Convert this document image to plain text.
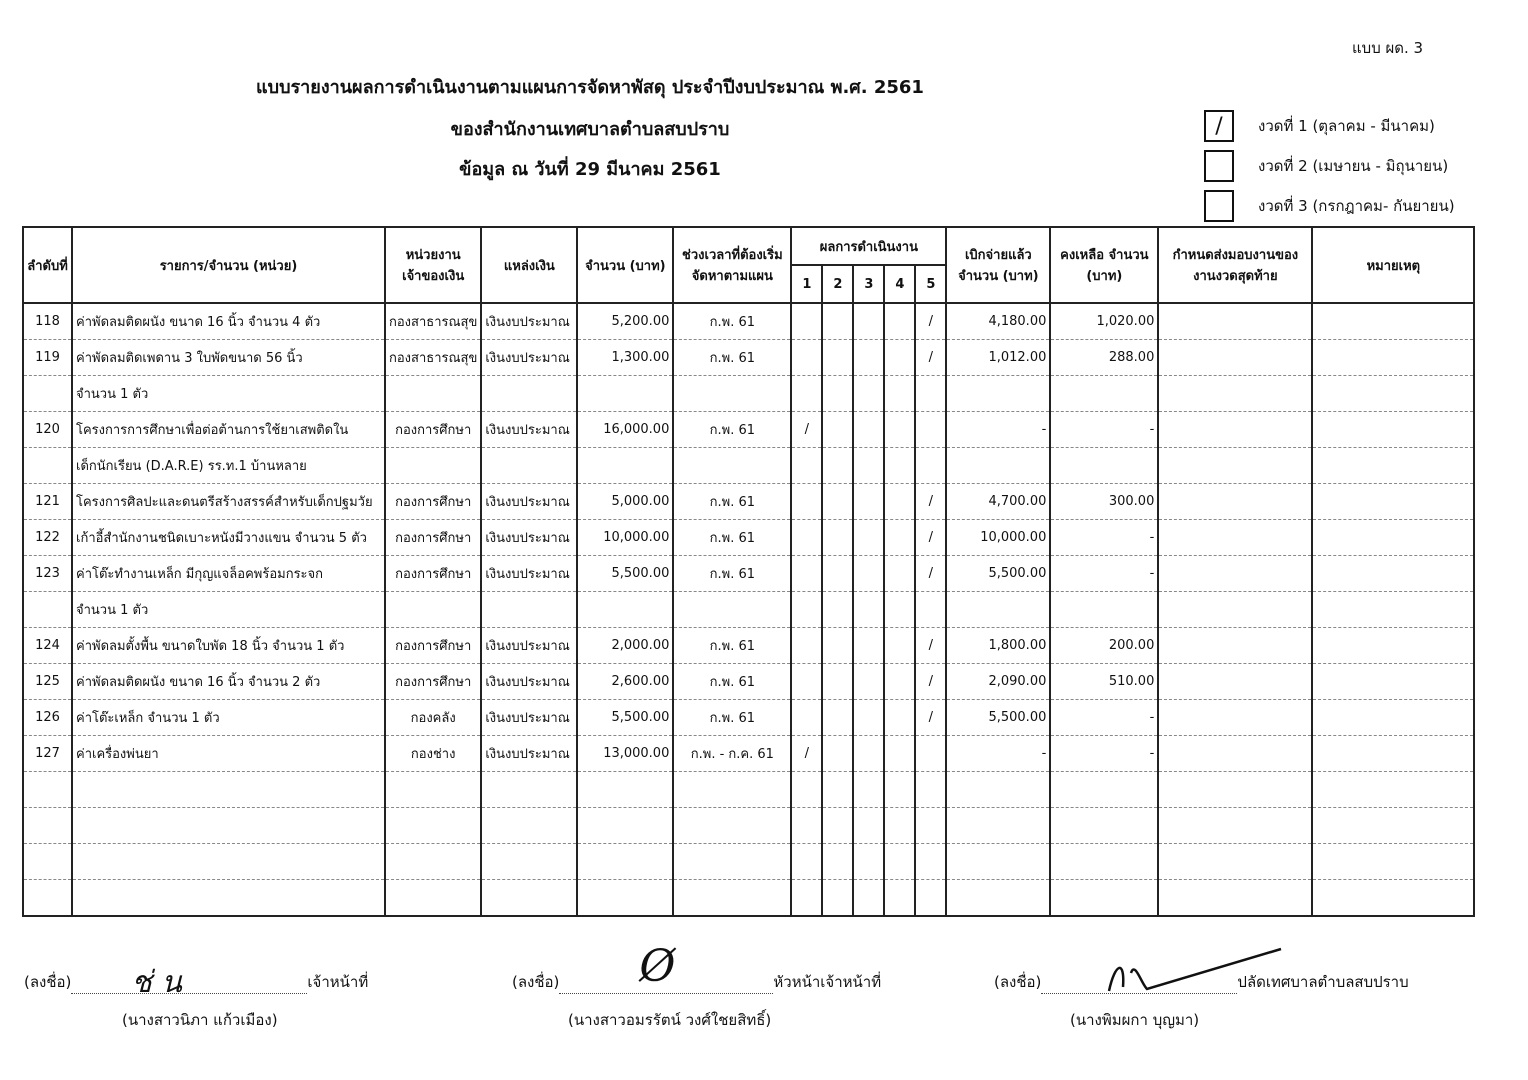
แบบ ผด. 3
แบบรายงานผลการดำเนินงานตามแผนการจัดหาพัสดุ ประจำปีงบประมาณ พ.ศ. 2561
ของสำนักงานเทศบาลตำบลสบปราบ
ข้อมูล ณ วันที่ 29 มีนาคม 2561
/	งวดที่ 1 (ตุลาคม - มีนาคม)
งวดที่ 2 (เมษายน - มิถุนายน)
งวดที่ 3 (กรกฎาคม- กันยายน)
ลำดับที่	รายการ/จำนวน (หน่วย)	หน่วยงานเจ้าของเงิน	แหล่งเงิน	จำนวน (บาท)	ช่วงเวลาที่ต้องเริ่มจัดหาตามแผน	ผลการดำเนินงาน					เบิกจ่ายแล้ว จำนวน (บาท)	คงเหลือ จำนวน (บาท)	กำหนดส่งมอบงานของงานงวดสุดท้าย	หมายเหตุ
						1	2	3	4	5				
118	ค่าพัดลมติดผนัง ขนาด 16 นิ้ว จำนวน 4 ตัว	กองสาธารณสุข	เงินงบประมาณ	5,200.00	ก.พ. 61					/	4,180.00	1,020.00		
119	ค่าพัดลมติดเพดาน 3 ใบพัดขนาด 56 นิ้ว	กองสาธารณสุข	เงินงบประมาณ	1,300.00	ก.พ. 61					/	1,012.00	288.00		
	จำนวน 1 ตัว													
120	โครงการการศึกษาเพื่อต่อต้านการใช้ยาเสพติดใน	กองการศึกษา	เงินงบประมาณ	16,000.00	ก.พ. 61	/					-	-		
	เด็กนักเรียน (D.A.R.E) รร.ท.1 บ้านหลาย													
121	โครงการศิลปะและดนตรีสร้างสรรค์สำหรับเด็กปฐมวัย	กองการศึกษา	เงินงบประมาณ	5,000.00	ก.พ. 61					/	4,700.00	300.00		
122	เก้าอี้สำนักงานชนิดเบาะหนังมีวางแขน จำนวน 5 ตัว	กองการศึกษา	เงินงบประมาณ	10,000.00	ก.พ. 61					/	10,000.00	-		
123	ค่าโต๊ะทำงานเหล็ก มีกุญแจล็อคพร้อมกระจก	กองการศึกษา	เงินงบประมาณ	5,500.00	ก.พ. 61					/	5,500.00	-		
	จำนวน 1 ตัว													
124	ค่าพัดลมตั้งพื้น ขนาดใบพัด 18 นิ้ว จำนวน 1 ตัว	กองการศึกษา	เงินงบประมาณ	2,000.00	ก.พ. 61					/	1,800.00	200.00		
125	ค่าพัดลมติดผนัง ขนาด 16 นิ้ว จำนวน 2 ตัว	กองการศึกษา	เงินงบประมาณ	2,600.00	ก.พ. 61					/	2,090.00	510.00		
126	ค่าโต๊ะเหล็ก จำนวน 1 ตัว	กองคลัง	เงินงบประมาณ	5,500.00	ก.พ. 61					/	5,500.00	-		
127	ค่าเครื่องพ่นยา	กองช่าง	เงินงบประมาณ	13,000.00	ก.พ. - ก.ค. 61	/					-	-		

(ลงชื่อ) ช่ น	เจ้าหน้าที่
(นางสาวนิภา แก้วเมือง)
(ลงชื่อ) Ø	หัวหน้าเจ้าหน้าที่
(นางสาวอมรรัตน์ วงศ์ใชยสิทธิ์)
(ลงชื่อ)	ปลัดเทศบาลตำบลสบปราบ
(นางพิมผกา บุญมา)
